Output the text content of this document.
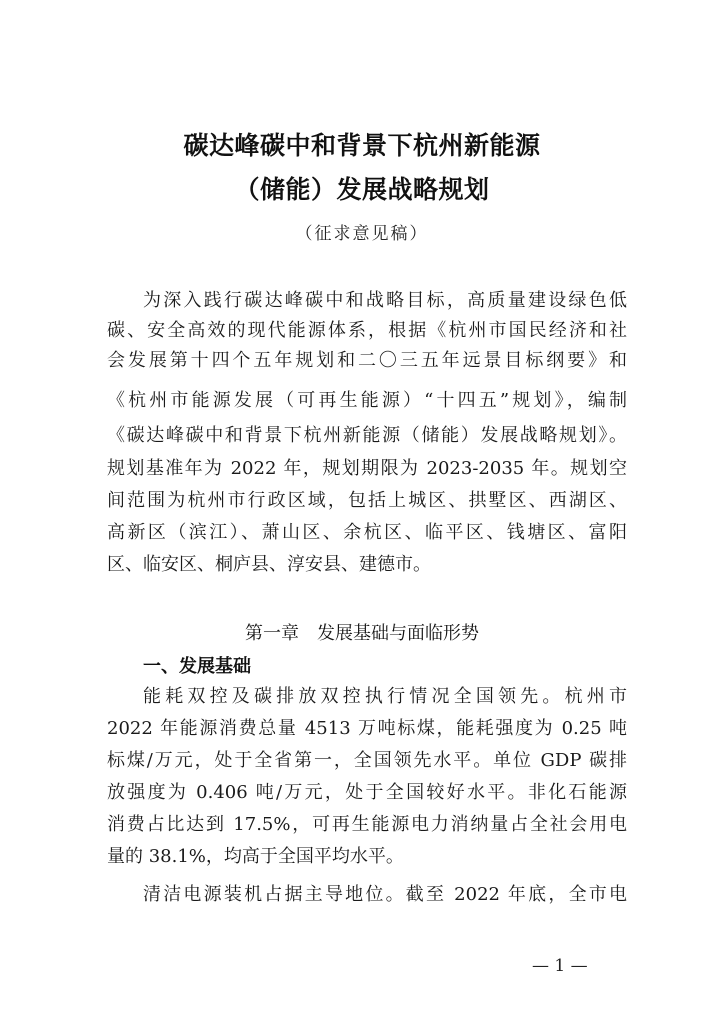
碳达峰碳中和背景下杭州新能源
（储能）发展战略规划
（征求意见稿）
为深入践行碳达峰碳中和战略目标，高质量建设绿色低
碳、安全高效的现代能源体系，根据《杭州市国民经济和社
会发展第十四个五年规划和二〇三五年远景目标纲要》和
《杭州市能源发展（可再生能源）“十四五”规划》，编制
《碳达峰碳中和背景下杭州新能源（储能）发展战略规划》。
规划基准年为 2022 年，规划期限为 2023-2035 年。规划空
间范围为杭州市行政区域，包括上城区、拱墅区、西湖区、
高新区（滨江）、萧山区、余杭区、临平区、钱塘区、富阳
区、临安区、桐庐县、淳安县、建德市。
第一章　发展基础与面临形势
一、发展基础
能耗双控及碳排放双控执行情况全国领先。杭州市
2022 年能源消费总量 4513 万吨标煤，能耗强度为 0.25 吨
标煤/万元，处于全省第一，全国领先水平。单位 GDP 碳排
放强度为 0.406 吨/万元，处于全国较好水平。非化石能源
消费占比达到 17.5%，可再生能源电力消纳量占全社会用电
量的 38.1%，均高于全国平均水平。
清洁电源装机占据主导地位。截至 2022 年底，全市电
— 1 —
